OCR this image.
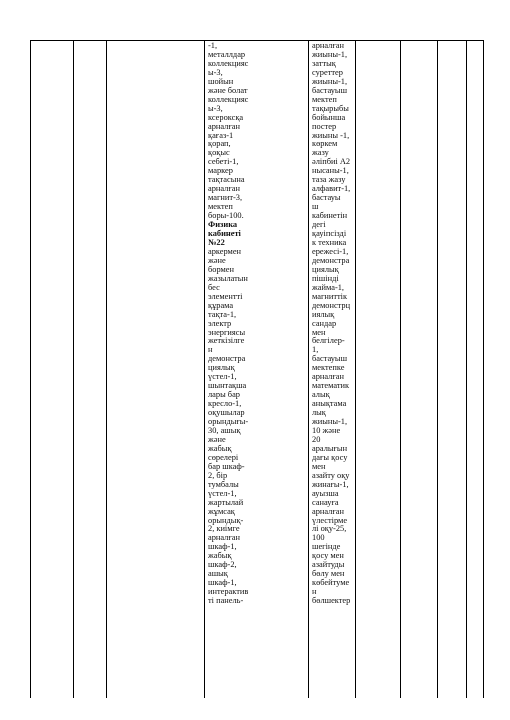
-1,
металлдар
коллекцияс
ы-3,
шойын
және болат
коллекцияс
ы-3,
ксероксқа
арналған
қағаз-1
қорап,
қоқыс
себеті-1,
маркер
тақтасына
арналған
магнит-3,
мектеп
боры-100.
Физика
кабинеті
№22
аркермен
және
бормен
жазылатын
бес
элементті
құрама
тақта-1,
электр
энергиясы
жеткізілге
н
демонстра
циялық
үстел-1,
шынтақша
лары бар
кресло-1,
оқушылар
орындығы-
30, ашық
және
жабық
сөрелері
бар шкаф-
2, бір
тумбалы
үстел-1,
жартылай
жұмсақ
орындық-
2, киімге
арналған
шкаф-1,
жабық
шкаф-2,
ашық
шкаф-1,
интерактив
ті панель-
арналған
жиыны-1,
заттық
суреттер
жиыны-1,
бастауыш
мектеп
тақырыбы
бойынша
постер
жиыны -1,
көркем
жазу
әліпбиі А2
нысаны-1,
таза жазу
алфавит-1,
бастауы
ш
кабинетін
дегі
қауіпсізді
к техника
ережесі-1,
демонстра
циялық
пішінді
жайма-1,
магниттік
демонстрц
иялық
сандар
мен
белгілер-
1,
бастауыш
мектепке
арналған
математик
алық
анықтама
лық
жиыны-1,
10 және
20
аралығын
дағы қосу
мен
азайту оқу
жинағы-1,
ауызша
санауға
арналған
үлестірме
лі оқу-25,
100
шегінде
қосу мен
азайтуды
бөлу мен
көбейтуме
н
бөлшектер
